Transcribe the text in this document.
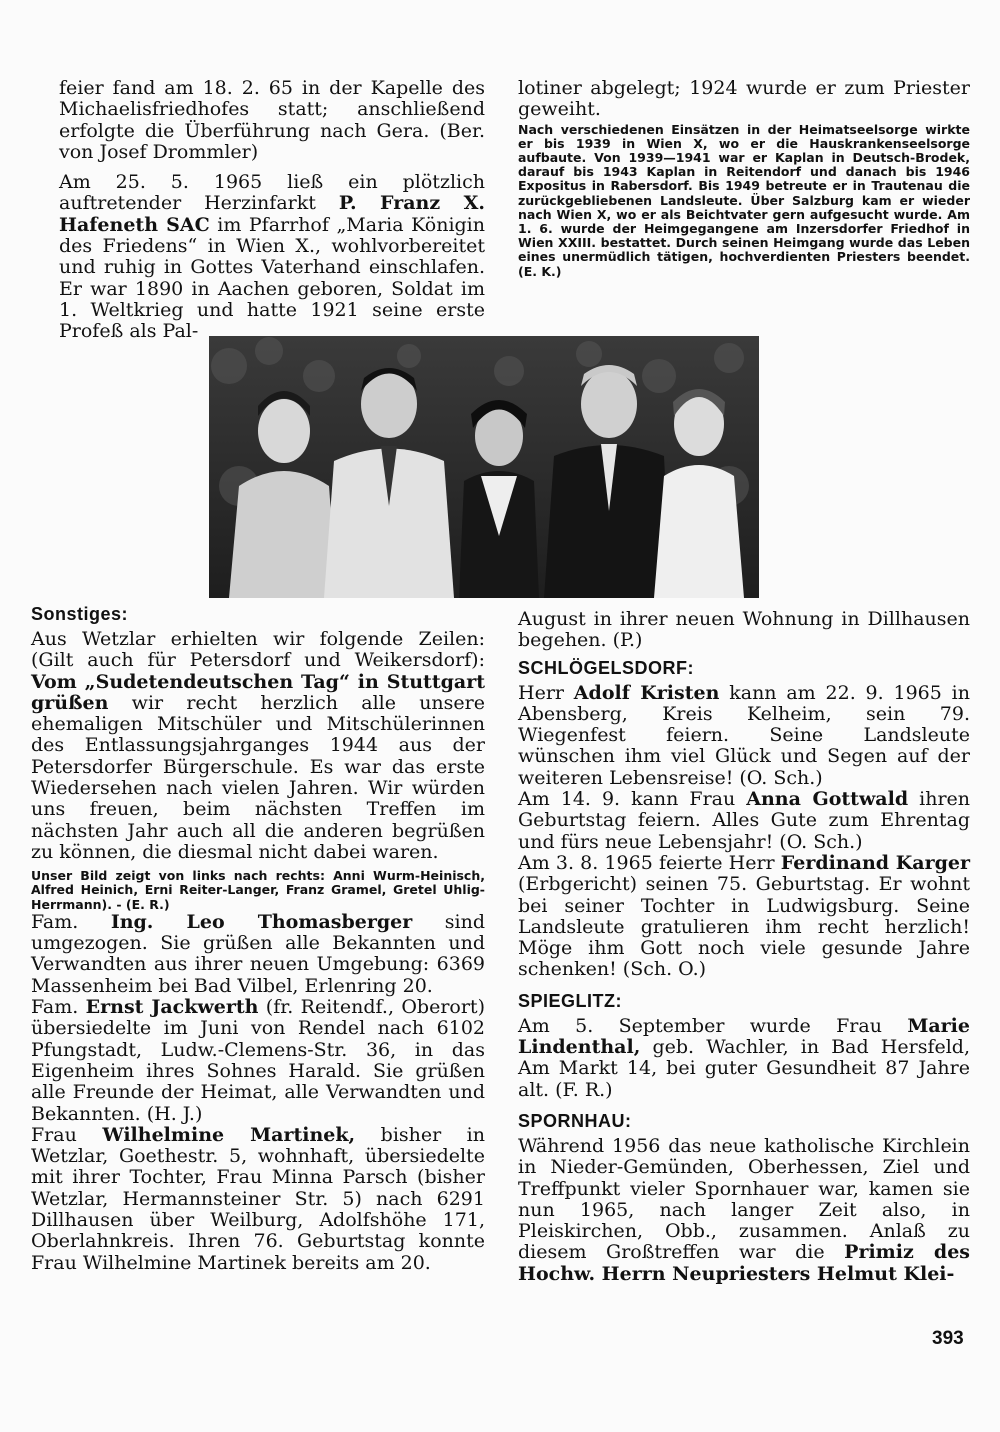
feier fand am 18. 2. 65 in der Kapelle des Michaelisfriedhofes statt; anschließend erfolgte die Überführung nach Gera. (Ber. von Josef Drommler)

Am 25. 5. 1965 ließ ein plötzlich auftretender Herzinfarkt P. Franz X. Hafeneth SAC im Pfarrhof „Maria Königin des Friedens“ in Wien X., wohlvorbereitet und ruhig in Gottes Vaterhand einschlafen. Er war 1890 in Aachen geboren, Soldat im 1. Weltkrieg und hatte 1921 seine erste Profeß als Pal-

lotiner abgelegt; 1924 wurde er zum Priester geweiht.

Nach verschiedenen Einsätzen in der Heimatseelsorge wirkte er bis 1939 in Wien X, wo er die Hauskrankenseelsorge aufbaute. Von 1939—1941 war er Kaplan in Deutsch-Brodek, darauf bis 1943 Kaplan in Reitendorf und danach bis 1946 Expositus in Rabersdorf. Bis 1949 betreute er in Trautenau die zurückgebliebenen Landsleute. Über Salzburg kam er wieder nach Wien X, wo er als Beichtvater gern aufgesucht wurde. Am 1. 6. wurde der Heimgegangene am Inzersdorfer Friedhof in Wien XXIII. bestattet. Durch seinen Heimgang wurde das Leben eines unermüdlich tätigen, hochverdienten Priesters beendet. (E. K.)

Sonstiges:

Aus Wetzlar erhielten wir folgende Zeilen: (Gilt auch für Petersdorf und Weikersdorf): Vom „Sudetendeutschen Tag“ in Stuttgart grüßen wir recht herzlich alle unsere ehemaligen Mitschüler und Mitschülerinnen des Entlassungsjahrganges 1944 aus der Petersdorfer Bürgerschule. Es war das erste Wiedersehen nach vielen Jahren. Wir würden uns freuen, beim nächsten Treffen im nächsten Jahr auch all die anderen begrüßen zu können, die diesmal nicht dabei waren.

Unser Bild zeigt von links nach rechts: Anni Wurm-Heinisch, Alfred Heinich, Erni Reiter-Langer, Franz Gramel, Gretel Uhlig-Herrmann). - (E. R.)

Fam. Ing. Leo Thomasberger sind umgezogen. Sie grüßen alle Bekannten und Verwandten aus ihrer neuen Umgebung: 6369 Massenheim bei Bad Vilbel, Erlenring 20.

Fam. Ernst Jackwerth (fr. Reitendf., Oberort) übersiedelte im Juni von Rendel nach 6102 Pfungstadt, Ludw.-Clemens-Str. 36, in das Eigenheim ihres Sohnes Harald. Sie grüßen alle Freunde der Heimat, alle Verwandten und Bekannten. (H. J.)

Frau Wilhelmine Martinek, bisher in Wetzlar, Goethestr. 5, wohnhaft, übersiedelte mit ihrer Tochter, Frau Minna Parsch (bisher Wetzlar, Hermannsteiner Str. 5) nach 6291 Dillhausen über Weilburg, Adolfshöhe 171, Oberlahnkreis. Ihren 76. Geburtstag konnte Frau Wilhelmine Martinek bereits am 20.

August in ihrer neuen Wohnung in Dillhausen begehen. (P.)

SCHLÖGELSDORF:

Herr Adolf Kristen kann am 22. 9. 1965 in Abensberg, Kreis Kelheim, sein 79. Wiegenfest feiern. Seine Landsleute wünschen ihm viel Glück und Segen auf der weiteren Lebensreise! (O. Sch.)

Am 14. 9. kann Frau Anna Gottwald ihren Geburtstag feiern. Alles Gute zum Ehrentag und fürs neue Lebensjahr! (O. Sch.)

Am 3. 8. 1965 feierte Herr Ferdinand Karger (Erbgericht) seinen 75. Geburtstag. Er wohnt bei seiner Tochter in Ludwigsburg. Seine Landsleute gratulieren ihm recht herzlich! Möge ihm Gott noch viele gesunde Jahre schenken! (Sch. O.)

SPIEGLITZ:

Am 5. September wurde Frau Marie Lindenthal, geb. Wachler, in Bad Hersfeld, Am Markt 14, bei guter Gesundheit 87 Jahre alt. (F. R.)

SPORNHAU:

Während 1956 das neue katholische Kirchlein in Nieder-Gemünden, Oberhessen, Ziel und Treffpunkt vieler Spornhauer war, kamen sie nun 1965, nach langer Zeit also, in Pleiskirchen, Obb., zusammen. Anlaß zu diesem Großtreffen war die Primiz des Hochw. Herrn Neupriesters Helmut Klei-

393
